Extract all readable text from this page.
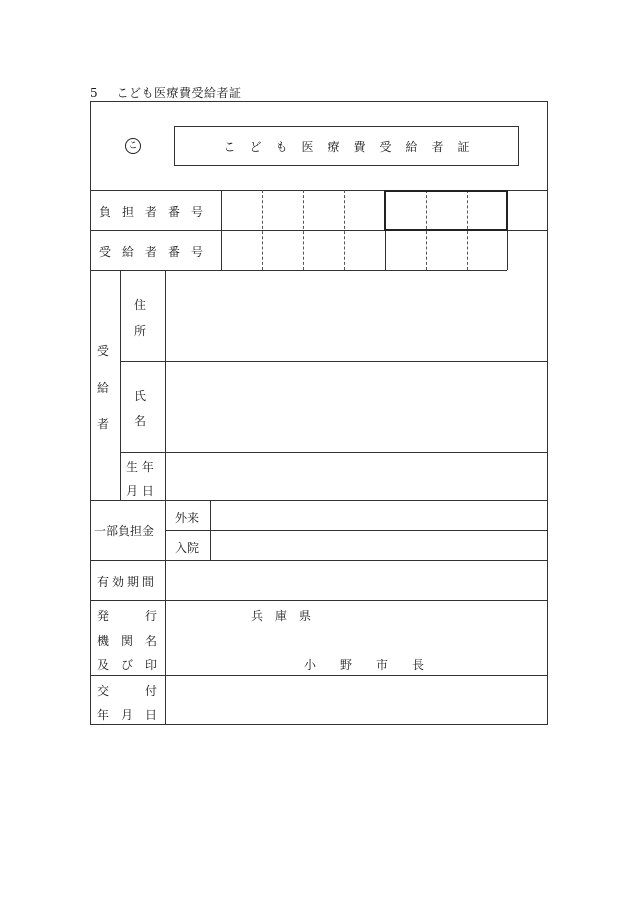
5 こども医療費受給者証
こ	こども医療費受給者証
負担者番号
受給者番号
受
給
者
住
所
氏
名
生 年
月 日
一部負担金
外来
入院
有効期間
発　　　行
機　関　名
及　び　印
兵　庫　県
小　　野　　市　　長
交　　　付
年　月　日
